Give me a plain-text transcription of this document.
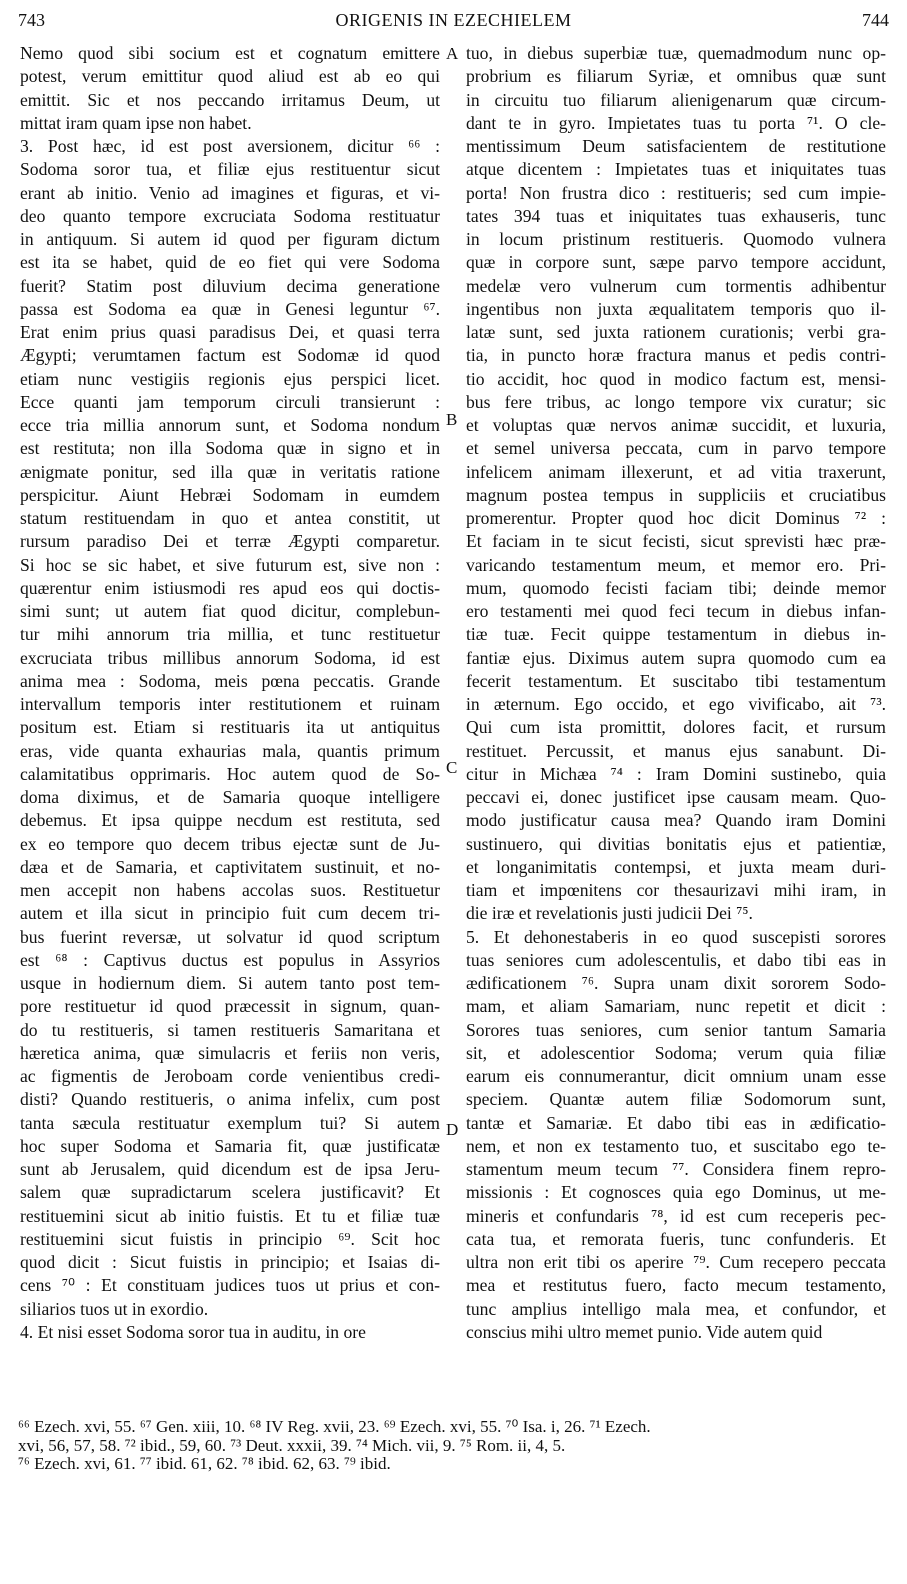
743	ORIGENIS IN EZECHIELEM	744
Nemo quod sibi socium est et cognatum emittere
potest, verum emittitur quod aliud est ab eo qui
emittit. Sic et nos peccando irritamus Deum, ut
mittat iram quam ipse non habet.
3. Post hæc, id est post aversionem, dicitur ⁶⁶ :
Sodoma soror tua, et filiæ ejus restituentur sicut
erant ab initio. Venio ad imagines et figuras, et vi-
deo quanto tempore excruciata Sodoma restituatur
in antiquum. Si autem id quod per figuram dictum
est ita se habet, quid de eo fiet qui vere Sodoma
fuerit? Statim post diluvium decima generatione
passa est Sodoma ea quæ in Genesi leguntur ⁶⁷.
Erat enim prius quasi paradisus Dei, et quasi terra
Ægypti; verumtamen factum est Sodomæ id quod
etiam nunc vestigiis regionis ejus perspici licet.
Ecce quanti jam temporum circuli transierunt :
ecce tria millia annorum sunt, et Sodoma nondum
est restituta; non illa Sodoma quæ in signo et in
ænigmate ponitur, sed illa quæ in veritatis ratione
perspicitur. Aiunt Hebræi Sodomam in eumdem
statum restituendam in quo et antea constitit, ut
rursum paradiso Dei et terræ Ægypti comparetur.
Si hoc se sic habet, et sive futurum est, sive non :
quærentur enim istiusmodi res apud eos qui doctis-
simi sunt; ut autem fiat quod dicitur, complebun-
tur mihi annorum tria millia, et tunc restituetur
excruciata tribus millibus annorum Sodoma, id est
anima mea : Sodoma, meis pœna peccatis. Grande
intervallum temporis inter restitutionem et ruinam
positum est. Etiam si restituaris ita ut antiquitus
eras, vide quanta exhaurias mala, quantis primum
calamitatibus opprimaris. Hoc autem quod de So-
doma diximus, et de Samaria quoque intelligere
debemus. Et ipsa quippe necdum est restituta, sed
ex eo tempore quo decem tribus ejectæ sunt de Ju-
dæa et de Samaria, et captivitatem sustinuit, et no-
men accepit non habens accolas suos. Restituetur
autem et illa sicut in principio fuit cum decem tri-
bus fuerint reversæ, ut solvatur id quod scriptum
est ⁶⁸ : Captivus ductus est populus in Assyrios
usque in hodiernum diem. Si autem tanto post tem-
pore restituetur id quod præcessit in signum, quan-
do tu restitueris, si tamen restitueris Samaritana et
hæretica anima, quæ simulacris et feriis non veris,
ac figmentis de Jeroboam corde venientibus credi-
disti? Quando restitueris, o anima infelix, cum post
tanta sæcula restituatur exemplum tui? Si autem
hoc super Sodoma et Samaria fit, quæ justificatæ
sunt ab Jerusalem, quid dicendum est de ipsa Jeru-
salem quæ supradictarum scelera justificavit? Et
restituemini sicut ab initio fuistis. Et tu et filiæ tuæ
restituemini sicut fuistis in principio ⁶⁹. Scit hoc
quod dicit : Sicut fuistis in principio; et Isaias di-
cens ⁷⁰ : Et constituam judices tuos ut prius et con-
siliarios tuos ut in exordio.
4. Et nisi esset Sodoma soror tua in auditu, in ore
tuo, in diebus superbiæ tuæ, quemadmodum nunc op-
probrium es filiarum Syriæ, et omnibus quæ sunt
in circuitu tuo filiarum alienigenarum quæ circum-
dant te in gyro. Impietates tuas tu porta ⁷¹. O cle-
mentissimum Deum satisfacientem de restitutione
atque dicentem : Impietates tuas et iniquitates tuas
porta! Non frustra dico : restitueris; sed cum impie-
tates 394 tuas et iniquitates tuas exhauseris, tunc
in locum pristinum restitueris. Quomodo vulnera
quæ in corpore sunt, sæpe parvo tempore accidunt,
medelæ vero vulnerum cum tormentis adhibentur
ingentibus non juxta æqualitatem temporis quo il-
latæ sunt, sed juxta rationem curationis; verbi gra-
tia, in puncto horæ fractura manus et pedis contri-
tio accidit, hoc quod in modico factum est, mensi-
bus fere tribus, ac longo tempore vix curatur; sic
et voluptas quæ nervos animæ succidit, et luxuria,
et semel universa peccata, cum in parvo tempore
infelicem animam illexerunt, et ad vitia traxerunt,
magnum postea tempus in suppliciis et cruciatibus
promerentur. Propter quod hoc dicit Dominus ⁷² :
Et faciam in te sicut fecisti, sicut sprevisti hæc præ-
varicando testamentum meum, et memor ero. Pri-
mum, quomodo fecisti faciam tibi; deinde memor
ero testamenti mei quod feci tecum in diebus infan-
tiæ tuæ. Fecit quippe testamentum in diebus in-
fantiæ ejus. Diximus autem supra quomodo cum ea
fecerit testamentum. Et suscitabo tibi testamentum
in æternum. Ego occido, et ego vivificabo, ait ⁷³.
Qui cum ista promittit, dolores facit, et rursum
restituet. Percussit, et manus ejus sanabunt. Di-
citur in Michæa ⁷⁴ : Iram Domini sustinebo, quia
peccavi ei, donec justificet ipse causam meam. Quo-
modo justificatur causa mea? Quando iram Domini
sustinuero, qui divitias bonitatis ejus et patientiæ,
et longanimitatis contempsi, et juxta meam duri-
tiam et impœnitens cor thesaurizavi mihi iram, in
die iræ et revelationis justi judicii Dei ⁷⁵.
5. Et dehonestaberis in eo quod suscepisti sorores
tuas seniores cum adolescentulis, et dabo tibi eas in
ædificationem ⁷⁶. Supra unam dixit sororem Sodo-
mam, et aliam Samariam, nunc repetit et dicit :
Sorores tuas seniores, cum senior tantum Samaria
sit, et adolescentior Sodoma; verum quia filiæ
earum eis connumerantur, dicit omnium unam esse
speciem. Quantæ autem filiæ Sodomorum sunt,
tantæ et Samariæ. Et dabo tibi eas in ædificatio-
nem, et non ex testamento tuo, et suscitabo ego te-
stamentum meum tecum ⁷⁷. Considera finem repro-
missionis : Et cognosces quia ego Dominus, ut me-
mineris et confundaris ⁷⁸, id est cum receperis pec-
cata tua, et remorata fueris, tunc confunderis. Et
ultra non erit tibi os aperire ⁷⁹. Cum recepero peccata
mea et restitutus fuero, facto mecum testamento,
tunc amplius intelligo mala mea, et confundor, et
conscius mihi ultro memet punio. Vide autem quid
A
B
C
D
⁶⁶ Ezech. xvi, 55. ⁶⁷ Gen. xiii, 10. ⁶⁸ IV Reg. xvii, 23. ⁶⁹ Ezech. xvi, 55. ⁷⁰ Isa. i, 26. ⁷¹ Ezech.
xvi, 56, 57, 58. ⁷² ibid., 59, 60. ⁷³ Deut. xxxii, 39. ⁷⁴ Mich. vii, 9. ⁷⁵ Rom. ii, 4, 5.
⁷⁶ Ezech. xvi, 61. ⁷⁷ ibid. 61, 62. ⁷⁸ ibid. 62, 63. ⁷⁹ ibid.
